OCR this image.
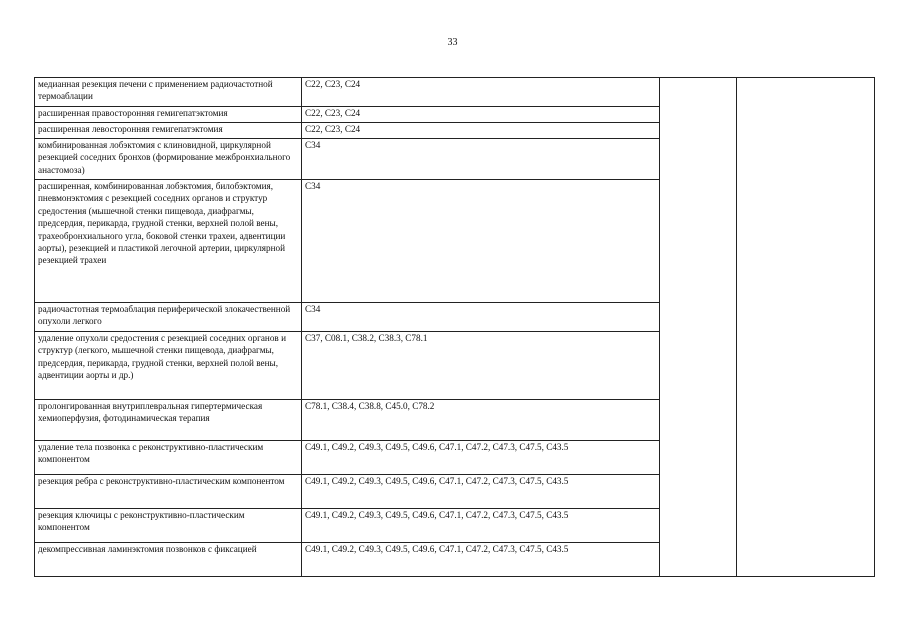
33
медианная резекция печени с применением радиочастотной термоаблации	C22, C23, C24		

расширенная правосторонняя гемигепатэктомия	C22, C23, C24		

расширенная левосторонняя гемигепатэктомия	C22, C23, C24		

комбинированная лобэктомия с клиновидной, циркулярной резекцией соседних бронхов (формирование межбронхиального анастомоза)	C34		

расширенная, комбинированная лобэктомия, билобэктомия, пневмонэктомия с резекцией соседних органов и структур средостения (мышечной стенки пищевода, диафрагмы, предсердия, перикарда, грудной стенки, верхней полой вены, трахеобронхиального угла, боковой стенки трахеи, адвентиции аорты), резекцией и пластикой легочной артерии, циркулярной резекцией трахеи	C34		

радиочастотная термоаблация периферической злокачественной опухоли легкого	C34		

удаление опухоли средостения с резекцией соседних органов и структур (легкого, мышечной стенки пищевода, диафрагмы, предсердия, перикарда, грудной стенки, верхней полой вены, адвентиции аорты и др.)	C37, C08.1, C38.2, C38.3, C78.1		

пролонгированная внутриплевральная гипертермическая хемиоперфузия, фотодинамическая терапия	C78.1, C38.4, C38.8, C45.0, C78.2		

удаление тела позвонка с реконструктивно-пластическим компонентом	C49.1, C49.2, C49.3, C49.5, C49.6, C47.1, C47.2, C47.3, C47.5, C43.5		

резекция ребра с реконструктивно-пластическим компонентом	C49.1, C49.2, C49.3, C49.5, C49.6, C47.1, C47.2, C47.3, C47.5, C43.5		

резекция ключицы с реконструктивно-пластическим компонентом	C49.1, C49.2, C49.3, C49.5, C49.6, C47.1, C47.2, C47.3, C47.5, C43.5		

декомпрессивная ламинэктомия позвонков с фиксацией	C49.1, C49.2, C49.3, C49.5, C49.6, C47.1, C47.2, C47.3, C47.5, C43.5		
